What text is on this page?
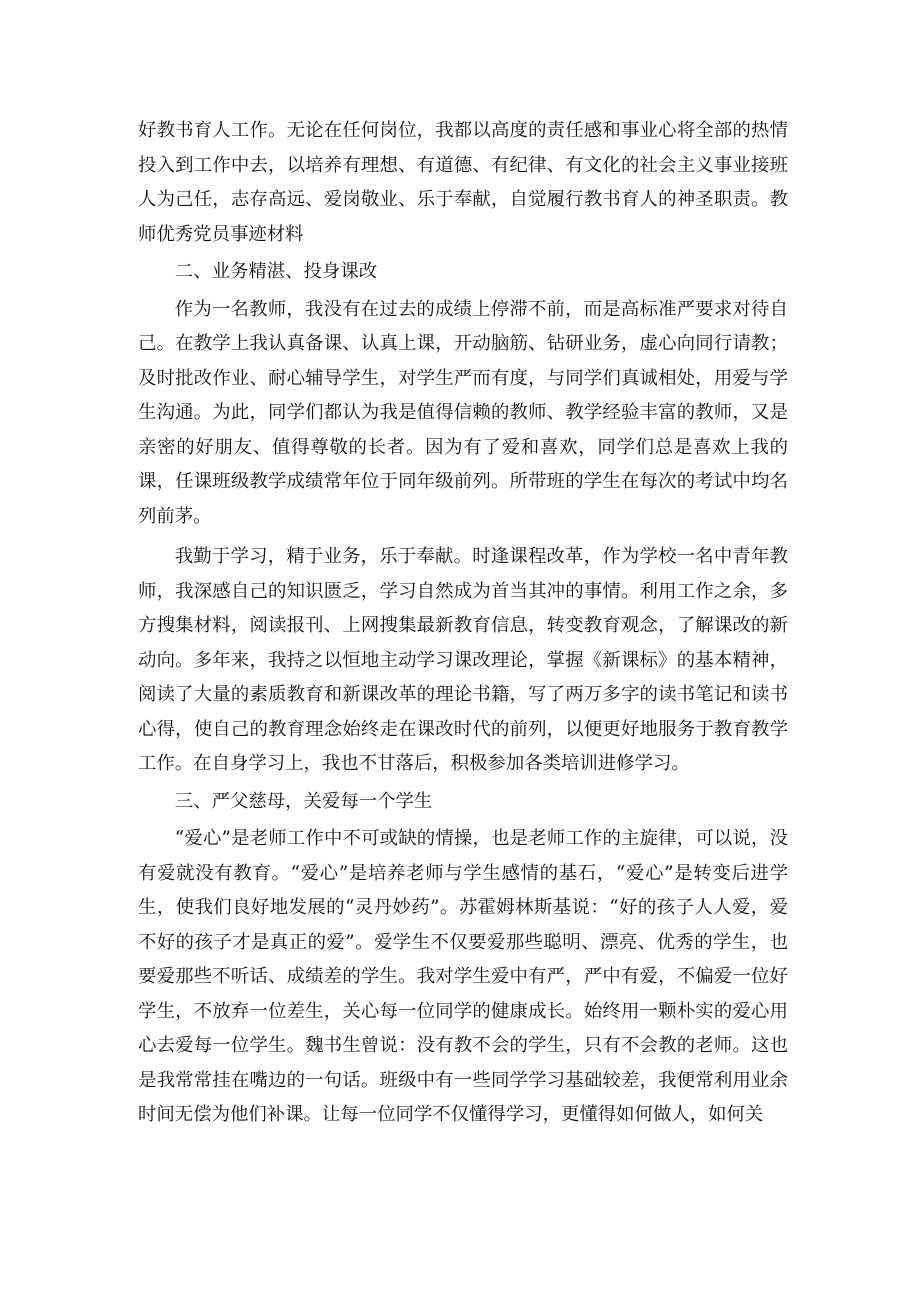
好教书育人工作。无论在任何岗位，我都以高度的责任感和事业心将全部的热情投入到工作中去，以培养有理想、有道德、有纪律、有文化的社会主义事业接班人为己任，志存高远、爱岗敬业、乐于奉献，自觉履行教书育人的神圣职责。教师优秀党员事迹材料

二、业务精湛、投身课改

作为一名教师，我没有在过去的成绩上停滞不前，而是高标准严要求对待自己。在教学上我认真备课、认真上课，开动脑筋、钻研业务，虚心向同行请教；及时批改作业、耐心辅导学生，对学生严而有度，与同学们真诚相处，用爱与学生沟通。为此，同学们都认为我是值得信赖的教师、教学经验丰富的教师，又是亲密的好朋友、值得尊敬的长者。因为有了爱和喜欢，同学们总是喜欢上我的课，任课班级教学成绩常年位于同年级前列。所带班的学生在每次的考试中均名列前茅。

我勤于学习，精于业务，乐于奉献。时逢课程改革，作为学校一名中青年教师，我深感自己的知识匮乏，学习自然成为首当其冲的事情。利用工作之余，多方搜集材料，阅读报刊、上网搜集最新教育信息，转变教育观念，了解课改的新动向。多年来，我持之以恒地主动学习课改理论，掌握《新课标》的基本精神，阅读了大量的素质教育和新课改革的理论书籍，写了两万多字的读书笔记和读书心得，使自己的教育理念始终走在课改时代的前列，以便更好地服务于教育教学工作。在自身学习上，我也不甘落后，积极参加各类培训进修学习。

三、严父慈母，关爱每一个学生

“爱心”是老师工作中不可或缺的情操，也是老师工作的主旋律，可以说，没有爱就没有教育。“爱心”是培养老师与学生感情的基石，“爱心”是转变后进学生，使我们良好地发展的“灵丹妙药”。苏霍姆林斯基说：“好的孩子人人爱，爱不好的孩子才是真正的爱”。爱学生不仅要爱那些聪明、漂亮、优秀的学生，也要爱那些不听话、成绩差的学生。我对学生爱中有严，严中有爱，不偏爱一位好学生，不放弃一位差生，关心每一位同学的健康成长。始终用一颗朴实的爱心用心去爱每一位学生。魏书生曾说：没有教不会的学生，只有不会教的老师。这也是我常常挂在嘴边的一句话。班级中有一些同学学习基础较差，我便常利用业余时间无偿为他们补课。让每一位同学不仅懂得学习，更懂得如何做人，如何关
